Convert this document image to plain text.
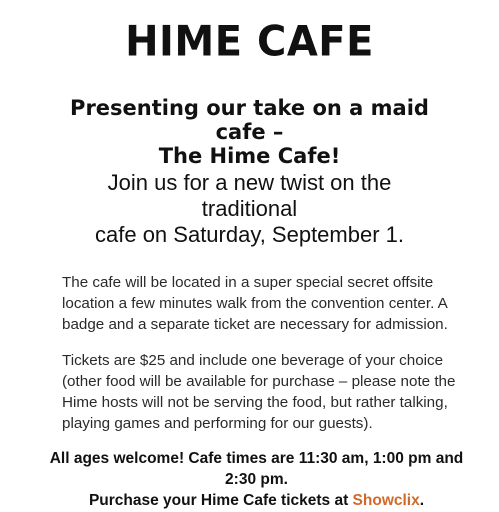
HIME CAFE
Presenting our take on a maid
cafe –
The Hime Cafe!
Join us for a new twist on the
traditional
cafe on Saturday, September 1.

The cafe will be located in a super special secret offsite location a few minutes walk from the convention center. A badge and a separate ticket are necessary for admission.

Tickets are $25 and include one beverage of your choice (other food will be available for purchase – please note the Hime hosts will not be serving the food, but rather talking, playing games and performing for our guests).

All ages welcome! Cafe times are 11:30 am, 1:00 pm and
2:30 pm.
Purchase your Hime Cafe tickets at Showclix.
